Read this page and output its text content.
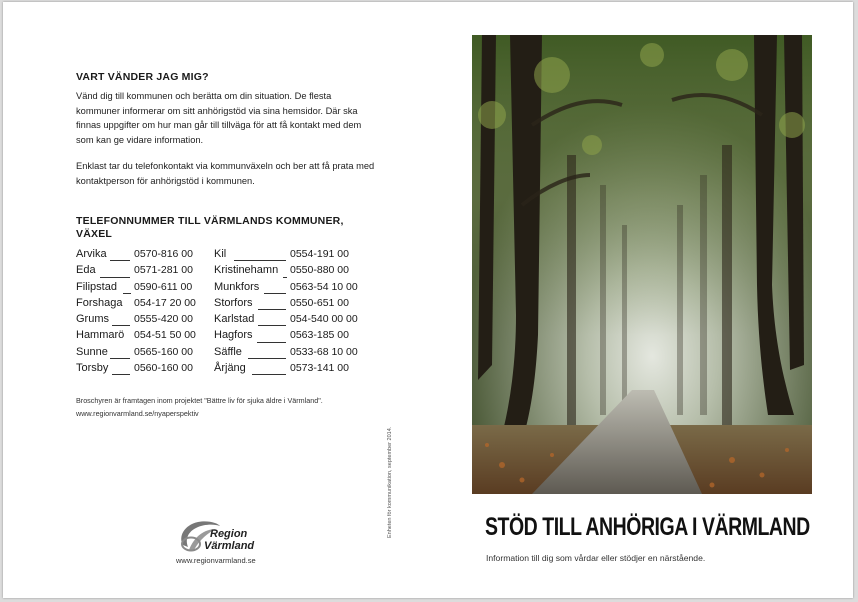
VART VÄNDER JAG MIG?

Vänd dig till kommunen och berätta om din situation. De flesta kommuner informerar om sitt anhörigstöd via sina hemsidor. Där ska finnas uppgifter om hur man går till tillväga för att få kontakt med dem som kan ge vidare information.

Enklast tar du telefonkontakt via kommunväxeln och ber att få prata med kontaktperson för anhörigstöd i kommunen.

TELEFONNUMMER TILL VÄRMLANDS KOMMUNER, VÄXEL
Arvika	0570-816 00
Eda	0571-281 00
Filipstad 0590-611 00
Forshaga 054-17 20 00
Grums 0555-420 00
Hammarö 054-51 50 00
Sunne 0565-160 00
Torsby 0560-160 00
Kil	0554-191 00
Kristinehamn 0550-880 00
Munkfors	0563-54 10 00
Storfors	0550-651 00
Karlstad	054-540 00 00
Hagfors	0563-185 00
Säffle	0533-68 10 00
Årjäng	0573-141 00

Broschyren är framtagen inom projektet "Bättre liv för sjuka äldre i Värmland".

www.regionvarmland.se/nyaperspektiv

Enheten för kommunikation, september 2014.
Region
Värmland
www.regionvarmland.se
STÖD TILL ANHÖRIGA I VÄRMLAND

Information till dig som vårdar eller stödjer en närstående.
